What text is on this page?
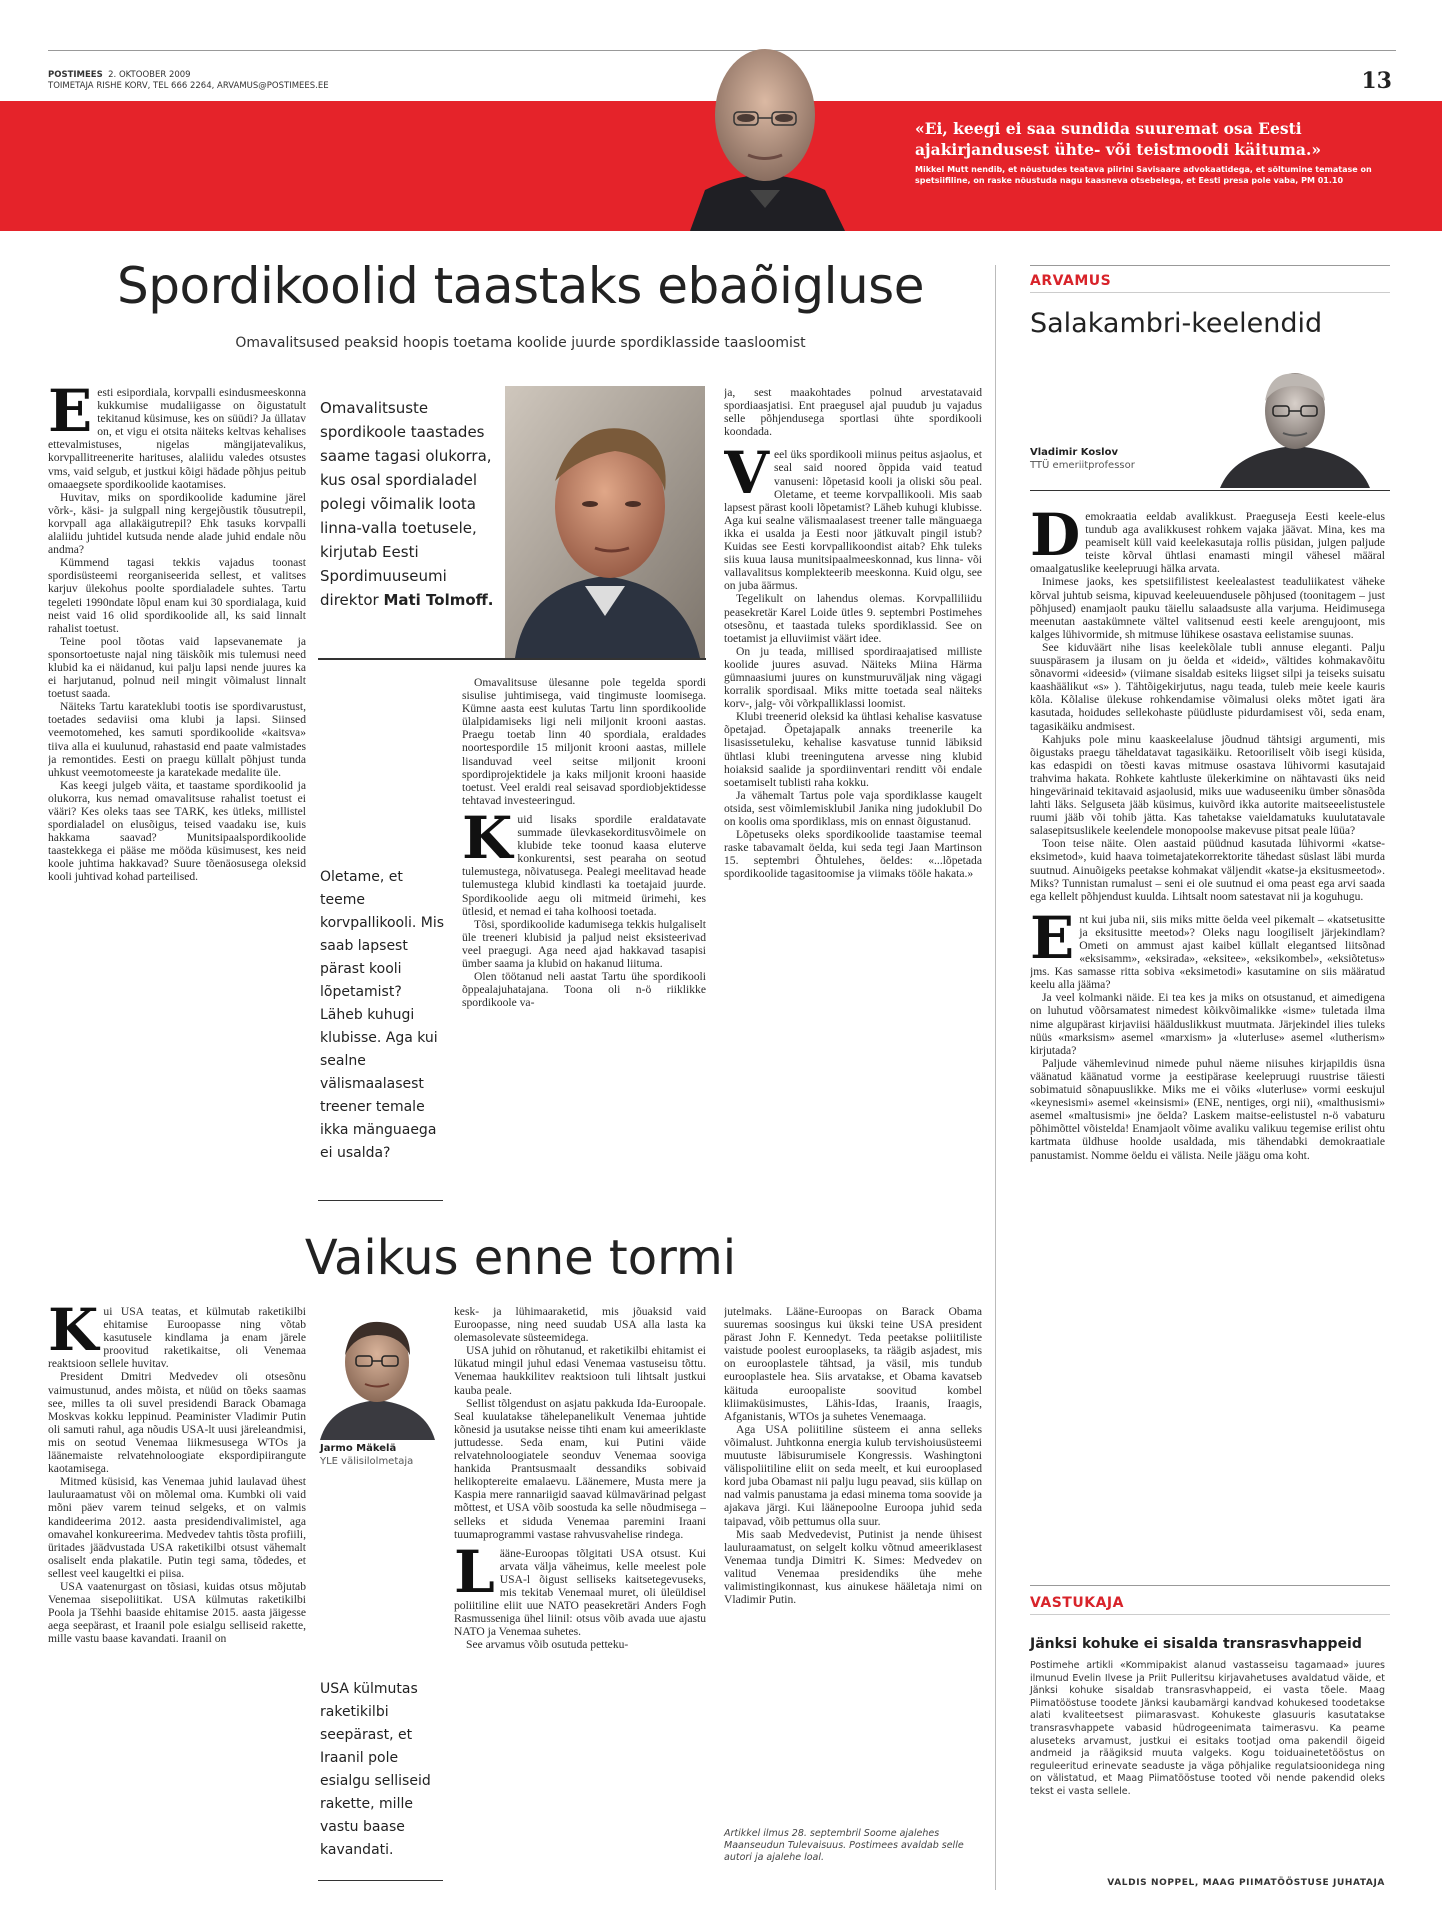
POSTIMEES 2. OKTOOBER 2009
TOIMETAJA RISHE KORV, TEL 666 2264, ARVAMUS@POSTIMEES.EE	13
«Ei, keegi ei saa sundida suuremat osa Eesti ajakirjandusest ühte- või teistmoodi käituma.»
Mikkel Mutt nendib, et nõustudes teatava piirini Savisaare advokaatidega, et sõltumine tematase on spetsiifiline, on raske nõustuda nagu kaasneva otsebelega, et Eesti presa pole vaba, PM 01.10
Spordikoolid taastaks ebaõigluse
Omavalitsused peaksid hoopis toetama koolide juurde spordiklasside taasloomist

Eesti esipordiala, korvpalli esindusmeeskonna kukkumise mudaliigasse on õigustatult tekitanud küsimuse, kes on süüdi? Ja üllatav on, et vigu ei otsita näiteks keltvas kehalises ettevalmistuses, nigelas mängijatevalikus, korvpallitreenerite harituses, alaliidu valedes otsustes vms, vaid selgub, et justkui kõigi hädade põhjus peitub omaaegsete spordikoolide kaotamises.

Huvitav, miks on spordikoolide kadumine järel võrk-, käsi- ja sulgpall ning kergejõustik tõusutrepil, korvpall aga allakäigutrepil? Ehk tasuks korvpalli alaliidu juhtidel kutsuda nende alade juhid endale nõu andma?

Kümmend tagasi tekkis vajadus toonast spordisüsteemi reorganiseerida sellest, et valitses karjuv ülekohus poolte spordialadele suhtes. Tartu tegeleti 1990ndate lõpul enam kui 30 spordialaga, kuid neist vaid 16 olid spordikoolide all, ks said linnalt rahalist toetust.

Teine pool tõotas vaid lapsevanemate ja sponsortoetuste najal ning täiskõik mis tulemusi need klubid ka ei näidanud, kui palju lapsi nende juures ka ei harjutanud, polnud neil mingit võimalust linnalt toetust saada.

Näiteks Tartu karateklubi tootis ise spordivarustust, toetades sedaviisi oma klubi ja lapsi. Siinsed veemotomehed, kes samuti spordikoolide «kaitsva» tiiva alla ei kuulunud, rahastasid end paate valmistades ja remontides. Eesti on praegu küllalt põhjust tunda uhkust veemotomeeste ja karatekade medalite üle.

Kas keegi julgeb väita, et taastame spordikoolid ja olukorra, kus nemad omavalitsuse rahalist toetust ei vääri? Kes oleks taas see TARK, kes ütleks, millistel spordialadel on elusõigus, teised vaadaku ise, kuis hakkama saavad? Munitsipaalspordikoolide taastekkega ei pääse me mööda küsimusest, kes neid koole juhtima hakkavad? Suure tõenäosusega oleksid kooli juhtivad kohad parteilised.

Omavalitsuste spordikoole taastades saame tagasi olukorra, kus osal spordialadel polegi võimalik loota linna-valla toetusele, kirjutab Eesti Spordimuuseumi direktor Mati Tolmoff.

Omavalitsuse ülesanne pole tegelda spordi sisulise juhtimisega, vaid tingimuste loomisega. Kümne aasta eest kulutas Tartu linn spordikoolide ülalpidamiseks ligi neli miljonit krooni aastas. Praegu toetab linn 40 spordiala, eraldades noortespordile 15 miljonit krooni aastas, millele lisanduvad veel seitse miljonit krooni spordiprojektidele ja kaks miljonit krooni haaside toetust. Veel eraldi real seisavad spordiobjektidesse tehtavad investeeringud.

Kuid lisaks spordile eraldatavate summade ülevkasekorditusvõimele on klubide teke toonud kaasa eluterve konkurentsi, sest pearaha on seotud tulemustega, nõivatusega. Pealegi meelitavad heade tulemustega klubid kindlasti ka toetajaid juurde. Spordikoolide aegu oli mitmeid ürimehi, kes ütlesid, et nemad ei taha kolhoosi toetada.

Tõsi, spordikoolide kadumisega tekkis hulgaliselt üle treeneri klubisid ja paljud neist eksisteerivad veel praegugi. Aga need ajad hakkavad tasapisi ümber saama ja klubid on hakanud liituma.

Olen töötanud neli aastat Tartu ühe spordikooli õppealajuhatajana. Toona oli n-ö riiklikke spordikoole va-

Oletame, et teeme korvpallikooli. Mis saab lapsest pärast kooli lõpetamist? Läheb kuhugi klubisse. Aga kui sealne välismaalasest treener temale ikka mänguaega ei usalda?

ja, sest maakohtades polnud arvestatavaid spordiaasjatisi. Ent praegusel ajal puudub ju vajadus selle põhjendusega sportlasi ühte spordikooli koondada.

Veel üks spordikooli miinus peitus asjaolus, et seal said noored õppida vaid teatud vanuseni: lõpetasid kooli ja oliski sõu peal. Oletame, et teeme korvpallikooli. Mis saab lapsest pärast kooli lõpetamist? Läheb kuhugi klubisse. Aga kui sealne välismaalasest treener talle mänguaega ikka ei usalda ja Eesti noor jätkuvalt pingil istub? Kuidas see Eesti korvpallikoondist aitab? Ehk tuleks siis kuua lausa munitsipaalmeeskonnad, kus linna- või vallavalitsus komplekteerib meeskonna. Kuid olgu, see on juba äärmus.

Tegelikult on lahendus olemas. Korvpalliliidu peasekretär Karel Loide ütles 9. septembri Postimehes otsesõnu, et taastada tuleks spordiklassid. See on toetamist ja elluviimist väärt idee.

On ju teada, millised spordiraajatised millistе koolide juures asuvad. Näiteks Miina Härma gümnaasiumi juures on kunstmuruväljak ning vägagi korralik spordisaal. Miks mitte toetada seal näiteks korv-, jalg- või võrkpalliklassi loomist.

Klubi treenerid oleksid ka ühtlasi kehalise kasvatuse õpetajad. Õpetajapalk annaks treenerile ka lisasissetuleku, kehalise kasvatuse tunnid läbiksid ühtlasi klubi treeningutena arvesse ning klubid hoiaksid saalide ja spordiinventari renditt või endale soetamiselt tublisti raha kokku.

Ja vähemalt Tartus pole vaja spordiklasse kaugelt otsida, sest võimlemisklubil Janika ning judoklubil Do on koolis oma spordiklass, mis on ennast õigustanud.

Lõpetuseks oleks spordikoolide taastamise teemal raske tabavamalt öelda, kui seda tegi Jaan Martinson 15. septembri Õhtulehes, öeldes: «...lõpetada spordikoolide tagasitoomise ja viimaks tööle hakata.»

Vaikus enne tormi

Kui USA teatas, et külmutab raketikilbi ehitamise Euroopasse ning võtab kasutusele kindlama ja enam järele proovitud raketikaitse, oli Venemaa reaktsioon sellele huvitav.

President Dmitri Medvedev oli otsesõnu vaimustunud, andes mõista, et nüüd on tõeks saamas see, milles ta oli suvel presidendi Barack Obamaga Moskvas kokku leppinud. Peaminister Vladimir Putin oli samuti rahul, aga nõudis USA-lt uusi järeleandmisi, mis on seotud Venemaa liikmesusega WTOs ja läänemaiste relvatehnoloogiate ekspordipiirangute kaotamisega.

Mitmed küsisid, kas Venemaa juhid laulavad ühest lauluraamatust või on mõlemal oma. Kumbki oli vaid mõni päev varem teinud selgeks, et on valmis kandideerima 2012. aasta presidendivalimistel, aga omavahel konkureerima. Medvedev tahtis tõsta profiili, üritades jäädvustada USA raketikilbi otsust vähemalt osaliselt enda plakatile. Putin tegi sama, tõdedes, et sellest veel kaugeltki ei piisa.

USA vaatenurgast on tõsiasi, kuidas otsus mõjutab Venemaa sisepoliitikat. USA külmutas raketikilbi Poola ja Tšehhi baaside ehitamise 2015. aasta jäigesse aega seepärast, et Iraanil pole esialgu selliseid rakette, mille vastu baase kavandati. Iraanil on

Jarmo Mäkelä
YLE välisilolmetaja
USA külmutas raketikilbi seepärast, et Iraanil pole esialgu selliseid rakette, mille vastu baase kavandati.

kesk- ja lühimaaraketid, mis jõuaksid vaid Euroopasse, ning need suudab USA alla lasta ka olemasolevate süsteemidega.

USA juhid on rõhutanud, et raketikilbi ehitamist ei lükatud mingil juhul edasi Venemaa vastuseisu tõttu. Venemaa haukkilitev reaktsioon tuli lihtsalt justkui kauba peale.

Sellist tõlgendust on asjatu pakkuda Ida-Euroopale. Seal kuulatakse tähelepanelikult Venemaa juhtide kõnesid ja usutakse neisse tihti enam kui ameeriklaste juttudesse. Seda enam, kui Putini väide relvatehnoloogiatele seonduv Venemaa sooviga hankida Prantsusmaalt dessandiks sobivaid helikoptereite emalaevu. Läänemere, Musta mere ja Kaspia mere rannariigid saavad külmavärinad pelgast mõttest, et USA võib soostuda ka selle nõudmisega – selleks et siduda Venemaa paremini Iraani tuumaprogrammi vastase rahvusvahelise rindega.

Lääne-Euroopas tõlgitati USA otsust. Kui arvata välja väheimus, kelle meelest pole USA-l õigust selliseks kaitsetegevuseks, mis tekitab Venemaal muret, oli üleüldisel poliitiline eliit uue NATO peasekretäri Anders Fogh Rasmusseniga ühel liinil: otsus võib avada uue ajastu NATO ja Venemaa suhetes.

See arvamus võib osutuda petteku-

jutelmaks. Lääne-Euroopas on Barack Obama suuremas soosingus kui ükski teine USA president pärast John F. Kennedyt. Teda peetakse poliitiliste vaistude poolest eurooplaseks, ta räägib asjadest, mis on eurooplastele tähtsad, ja väsil, mis tundub eurooplastele hea. Siis arvatakse, et Obama kavatseb käituda euroopaliste soovitud kombel kliimaküsimustes, Lähis-Idas, Iraanis, Iraagis, Afganistanis, WTOs ja suhetes Venemaaga.

Aga USA poliitiline süsteem ei anna selleks võimalust. Juhtkonna energia kulub tervishoiusüsteemi muutuste läbisurumisele Kongressis. Washingtoni välispoliitiline eliit on seda meelt, et kui eurooplased kord juba Obamast nii palju lugu peavad, siis küllap on nad valmis panustama ja edasi minema toma soovide ja ajakava järgi. Kui läänepoolne Euroopa juhid seda taipavad, võib pettumus olla suur.

Mis saab Medvedevist, Putinist ja nende ühisest lauluraamatust, on selgelt kolku võtnud ameeriklasest Venemaa tundja Dimitri K. Simes: Medvedev on valitud Venemaa presidendiks ühe mehe valimistingikonnast, kus ainukese hääletaja nimi on Vladimir Putin.

Artikkel ilmus 28. septembril Soome ajalehes Maanseudun Tulevaisuus. Postimees avaldab selle autori ja ajalehe loal.
ARVAMUS
Salakambri-keelendid
Vladimir Koslov
TTÜ emeriitprofessor

Demokraatia eeldab avalikkust. Praeguseja Eesti keele-elus tundub aga avalikkusest rohkem vajaka jäävat. Mina, kes ma peamiselt küll vaid keelekasutaja rollis püsidan, julgen paljude teiste kõrval ühtlasi enamasti mingil vähesel määral omaalgatuslike keelepruugi hälka arvata.

Inimese jaoks, kes spetsiifilistest keelealastest teaduliikatest väheke kõrval juhtub seisma, kipuvad keeleuuendusele põhjused (toonitagem – just põhjused) enamjaolt pauku täiellu salaadsuste alla varjuma. Heidimusega meenutan aastakümnete vältel valitsenud eesti keele arengujoont, mis kalges lühivormide, sh mitmuse lühikese osastava eelistamise suunas.

See kiduväärt nihe lisas keelekõlale tubli annuse eleganti. Palju suuspärasem ja ilusam on ju öelda et «ideid», vältides kohmakavõitu sõnavormi «ideesid» (viimane sisaldab esiteks liigset silpi ja teiseks suisatu kaashäälikut «s» ). Tähtõigekirjutus, nagu teada, tuleb meie keele kauris kõla. Kõlalise ülekuse rohkendamise võimalusi oleks mõtet igati ära kasutada, hoidudes sellekohaste püüdluste pidurdamisest või, seda enam, tagasikäiku andmisest.

Kahjuks pole minu kaaskeelaluse jõudnud tähtsigi argumenti, mis õigustaks praegu täheldatavat tagasikäiku. Retooriliselt võib isegi küsida, kas edaspidi on tõesti kavas mitmuse osastava lühivormi kasutajaid trahvima hakata. Rohkete kahtluste ülekerkimine on nähtavasti üks neid hingevärinaid tekitavaid asjaolusid, miks uue waduseeniku ümber sõnasõda lahti läks. Selguseta jääb küsimus, kuivõrd ikka autorite maitseeelistustele ruumi jääb või tohib jätta. Kas tahetakse vaieldamatuks kuulutatavale salasepitsuslikele keelendele monopoolse makevuse pitsat peale lüüa?

Toon teise näite. Olen aastaid püüdnud kasutada lühivormi «katse-eksimetod», kuid haava toimetajatekorrektorite tähedast süslast läbi murda suutnud. Ainuõigeks peetakse kohmakat väljendit «katse-ja eksitusmeetod». Miks? Tunnistan rumalust – seni ei ole suutnud ei oma peast ega arvi saada ega kellelt põhjendust kuulda. Lihtsalt noom satestavat nii ja koguhugu.

Ent kui juba nii, siis miks mitte öelda veel pikemalt – «katsetusitte ja eksitusitte meetod»? Oleks nagu loogiliselt järjekindlam? Ometi on ammust ajast kaibel küllalt elegantsed liitsõnad «eksisamm», «eksirada», «eksitee», «eksikombel», «eksiõtetus» jms. Kas samasse ritta sobiva «eksimetodi» kasutamine on siis määratud keelu alla jääma?

Ja veel kolmanki näide. Ei tea kes ja miks on otsustanud, et aimedigena on luhutud võõrsamatest nimedest kõikvõimalikke «isme» tuletada ilma nime algupärast kirjaviisi häälduslikkust muutmata. Järjekindel ilies tuleks nüüs «marksism» asemel «marxism» ja «luterluse» asemel «lutherism» kirjutada?

Paljude vähemlevinud nimede puhul näeme niisuhes kirjapildis üsna väänatud käänatud vorme ja eestipärase keelepruugi ruustrise täiesti sobimatuid sõnapuuslikke. Miks me ei võiks «luterluse» vormi eeskujul «keynesismi» asemel «keinsismi» (ENE, nentiges, orgi nii), «malthusismi» asemel «maltusismi» jne öelda? Laskem maitse-eelistustel n-ö vabaturu põhimõttel võistelda! Enamjaolt võime avaliku valikuu tegemise erilist ohtu kartmata üldhuse hoolde usaldada, mis tähendabki demokraatiale panustamist. Nomme öeldu ei välista. Neile jäägu oma koht.

VASTUKAJA
Jänksi kohuke ei sisalda transrasvhappeid
Postimehe artikli «Kommipakist alanud vastasseisu tagamaad» juures ilmunud Evelin Ilvese ja Priit Pulleritsu kirjavahetuses avaldatud väide, et Jänksi kohuke sisaldab transrasvhappeid, ei vasta tõele. Maag Piimatööstuse toodete Jänksi kaubamärgi kandvad kohukesed toodetakse alati kvaliteetsest piimarasvast. Kohukeste glasuuris kasutatakse transrasvhappete vabasid hüdrogeenimata taimerasvu. Ka peame aluseteks arvamust, justkui ei esitaks tootjad oma pakendil õigeid andmeid ja räägiksid muuta valgeks. Kogu toiduainetetööstus on reguleeritud erinevate seaduste ja väga põhjalike regulatsioonidega ning on välistatud, et Maag Piimatööstuse tooted või nende pakendid oleks tekst ei vasta sellele.
VALDIS NOPPEL, MAAG PIIMATÖÖSTUSE JUHATAJA
